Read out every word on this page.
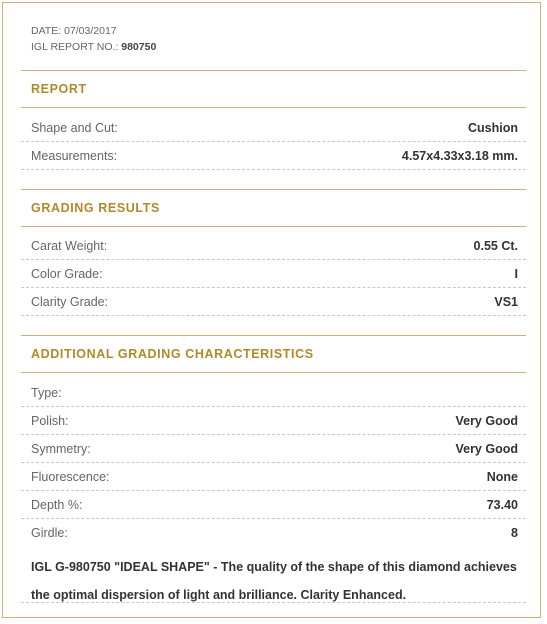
DATE: 07/03/2017
IGL REPORT NO.: 980750
REPORT
Shape and Cut:	Cushion
Measurements:	4.57x4.33x3.18 mm.
GRADING RESULTS
Carat Weight:	0.55 Ct.
Color Grade:	I
Clarity Grade:	VS1
ADDITIONAL GRADING CHARACTERISTICS
Type:
Polish:	Very Good
Symmetry:	Very Good
Fluorescence:	None
Depth %:	73.40
Girdle:	8
IGL G-980750 "IDEAL SHAPE" - The quality of the shape of this diamond achieves the optimal dispersion of light and brilliance. Clarity Enhanced.
